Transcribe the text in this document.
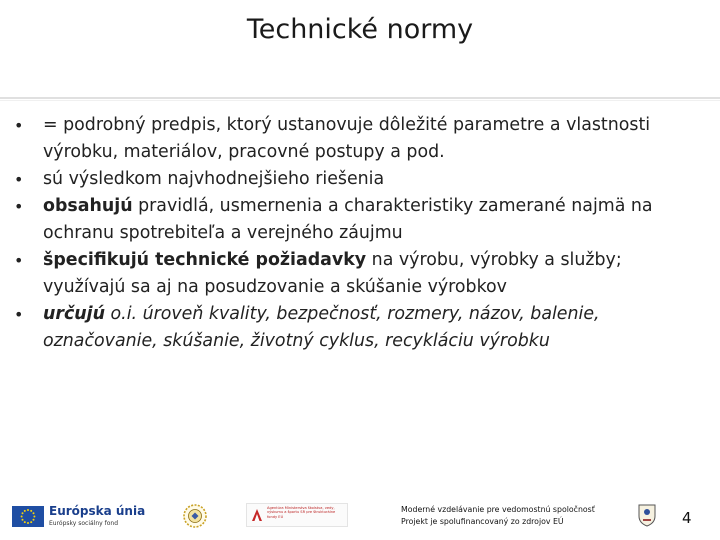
Technické normy
• = podrobný predpis, ktorý ustanovuje dôležité parametre a vlastnosti výrobku, materiálov, pracovné postupy a pod.
• sú výsledkom najvhodnejšieho riešenia
• obsahujú pravidlá, usmernenia a charakteristiky zamerané najmä na ochranu spotrebiteľa a verejného záujmu
• špecifikujú technické požiadavky na výrobu, výrobky a služby; využívajú sa aj na posudzovanie a skúšanie výrobkov
• určujú o.i. úroveň kvality, bezpečnosť, rozmery, názov, balenie, označovanie, skúšanie, životný cyklus, recykláciu výrobku
Európska únia
Európsky sociálny fond
Agentúra Ministerstva školstva, vedy, výskumu a športu SR pre štrukturálne fondy EÚ
Moderné vzdelávanie pre vedomostnú spoločnosť
Projekt je spolufinancovaný zo zdrojov EÚ	4
